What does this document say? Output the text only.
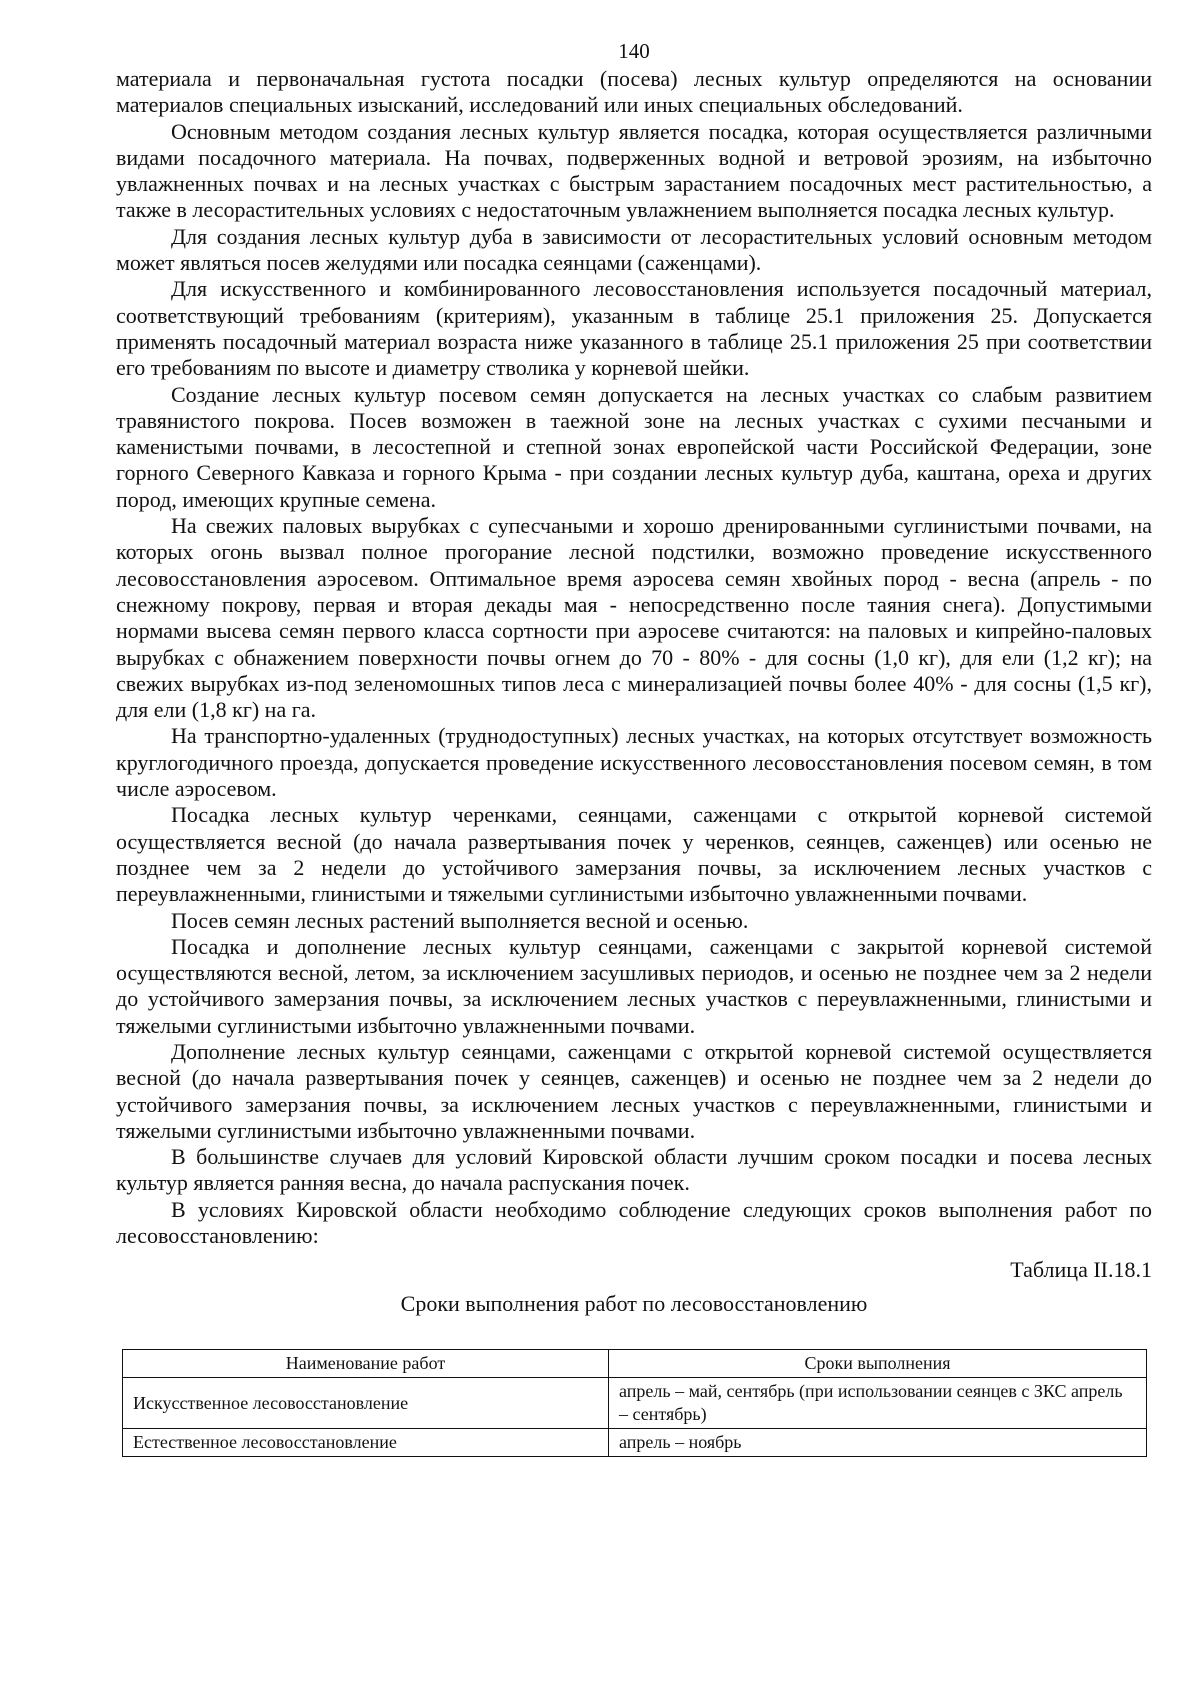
140

материала и первоначальная густота посадки (посева) лесных культур определяются на основании материалов специальных изысканий, исследований или иных специальных обследований.

Основным методом создания лесных культур является посадка, которая осуществляется различными видами посадочного материала. На почвах, подверженных водной и ветровой эрозиям, на избыточно увлажненных почвах и на лесных участках с быстрым зарастанием посадочных мест растительностью, а также в лесорастительных условиях с недостаточным увлажнением выполняется посадка лесных культур.

Для создания лесных культур дуба в зависимости от лесорастительных условий основным методом может являться посев желудями или посадка сеянцами (саженцами).

Для искусственного и комбинированного лесовосстановления используется посадочный материал, соответствующий требованиям (критериям), указанным в таблице 25.1 приложения 25. Допускается применять посадочный материал возраста ниже указанного в таблице 25.1 приложения 25 при соответствии его требованиям по высоте и диаметру стволика у корневой шейки.

Создание лесных культур посевом семян допускается на лесных участках со слабым развитием травянистого покрова. Посев возможен в таежной зоне на лесных участках с сухими песчаными и каменистыми почвами, в лесостепной и степной зонах европейской части Российской Федерации, зоне горного Северного Кавказа и горного Крыма - при создании лесных культур дуба, каштана, ореха и других пород, имеющих крупные семена.

На свежих паловых вырубках с супесчаными и хорошо дренированными суглинистыми почвами, на которых огонь вызвал полное прогорание лесной подстилки, возможно проведение искусственного лесовосстановления аэросевом. Оптимальное время аэросева семян хвойных пород - весна (апрель - по снежному покрову, первая и вторая декады мая - непосредственно после таяния снега). Допустимыми нормами высева семян первого класса сортности при аэросеве считаются: на паловых и кипрейно-паловых вырубках с обнажением поверхности почвы огнем до 70 - 80% - для сосны (1,0 кг), для ели (1,2 кг); на свежих вырубках из-под зеленомошных типов леса с минерализацией почвы более 40% - для сосны (1,5 кг), для ели (1,8 кг) на га.

На транспортно-удаленных (труднодоступных) лесных участках, на которых отсутствует возможность круглогодичного проезда, допускается проведение искусственного лесовосстановления посевом семян, в том числе аэросевом.

Посадка лесных культур черенками, сеянцами, саженцами с открытой корневой системой осуществляется весной (до начала развертывания почек у черенков, сеянцев, саженцев) или осенью не позднее чем за 2 недели до устойчивого замерзания почвы, за исключением лесных участков с переувлажненными, глинистыми и тяжелыми суглинистыми избыточно увлажненными почвами.

Посев семян лесных растений выполняется весной и осенью.

Посадка и дополнение лесных культур сеянцами, саженцами с закрытой корневой системой осуществляются весной, летом, за исключением засушливых периодов, и осенью не позднее чем за 2 недели до устойчивого замерзания почвы, за исключением лесных участков с переувлажненными, глинистыми и тяжелыми суглинистыми избыточно увлажненными почвами.

Дополнение лесных культур сеянцами, саженцами с открытой корневой системой осуществляется весной (до начала развертывания почек у сеянцев, саженцев) и осенью не позднее чем за 2 недели до устойчивого замерзания почвы, за исключением лесных участков с переувлажненными, глинистыми и тяжелыми суглинистыми избыточно увлажненными почвами.

В большинстве случаев для условий Кировской области лучшим сроком посадки и посева лесных культур является ранняя весна, до начала распускания почек.

В условиях Кировской области необходимо соблюдение следующих сроков выполнения работ по лесовосстановлению:

Таблица II.18.1
Сроки выполнения работ по лесовосстановлению
Наименование работ	Сроки выполнения
Искусственное лесовосстановление	апрель – май, сентябрь (при использовании сеянцев с ЗКС апрель – сентябрь)
Естественное лесовосстановление	апрель – ноябрь
